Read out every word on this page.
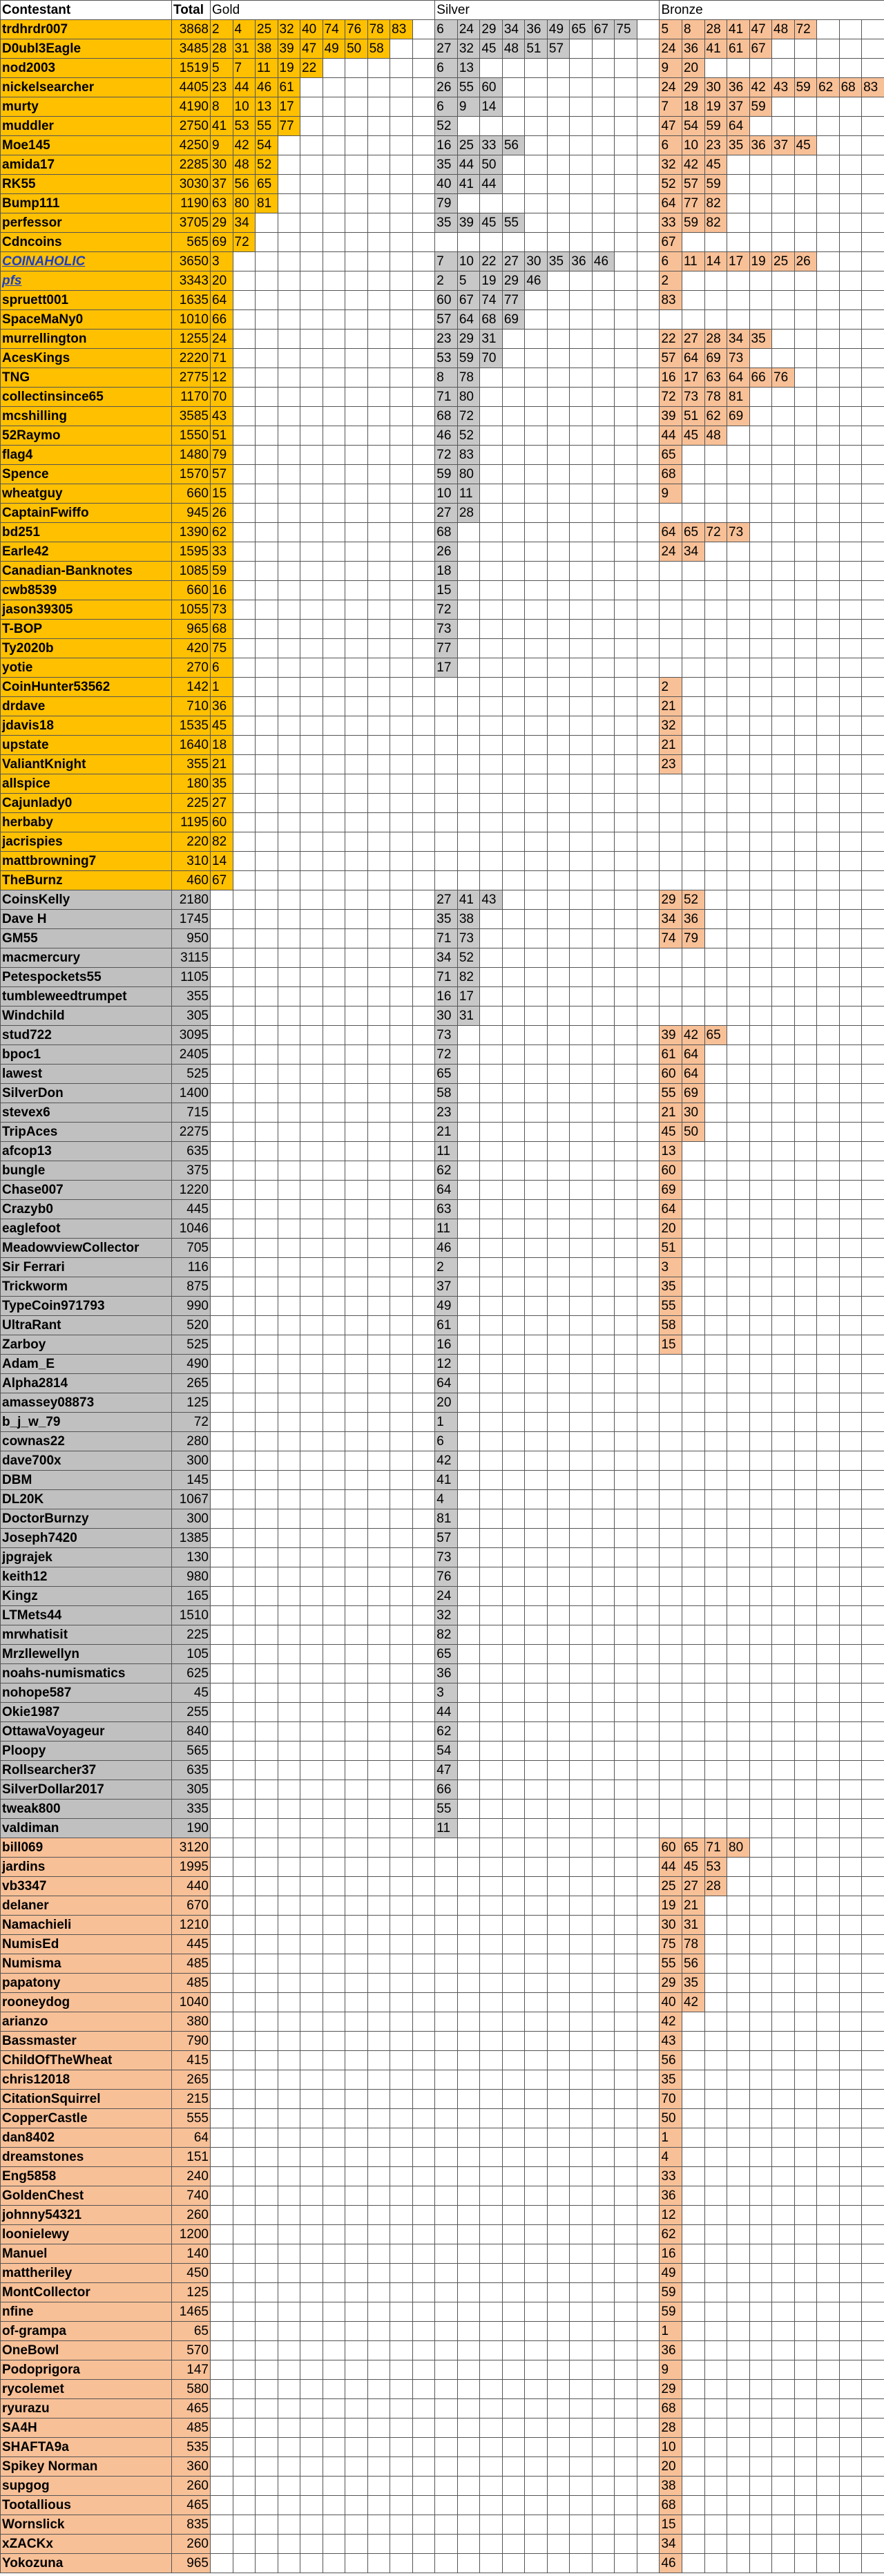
Contestant	Total	Gold										Silver										Bronze									
trdhrdr007	3868	2	4	25	32	40	74	76	78	83		6	24	29	34	36	49	65	67	75		5	8	28	41	47	48	72			
D0ubl3Eagle	3485	28	31	38	39	47	49	50	58			27	32	45	48	51	57					24	36	41	61	67					
nod2003	1519	5	7	11	19	22						6	13									9	20								
nickelsearcher	4405	23	44	46	61							26	55	60								24	29	30	36	42	43	59	62	68	83
murty	4190	8	10	13	17							6	9	14								7	18	19	37	59					
muddler	2750	41	53	55	77							52										47	54	59	64						
Moe145	4250	9	42	54								16	25	33	56							6	10	23	35	36	37	45			
amida17	2285	30	48	52								35	44	50								32	42	45							
RK55	3030	37	56	65								40	41	44								52	57	59							
Bump111	1190	63	80	81								79										64	77	82							
perfessor	3705	29	34									35	39	45	55							33	59	82							
Cdncoins	565	69	72																			67									
COINAHOLIC	3650	3										7	10	22	27	30	35	36	46			6	11	14	17	19	25	26			
pfs	3343	20										2	5	19	29	46						2									
spruett001	1635	64										60	67	74	77							83									
SpaceMaNy0	1010	66										57	64	68	69																
murrellington	1255	24										23	29	31								22	27	28	34	35					
AcesKings	2220	71										53	59	70								57	64	69	73						
TNG	2775	12										8	78									16	17	63	64	66	76				
collectinsince65	1170	70										71	80									72	73	78	81						
mcshilling	3585	43										68	72									39	51	62	69						
52Raymo	1550	51										46	52									44	45	48							
flag4	1480	79										72	83									65									
Spence	1570	57										59	80									68									
wheatguy	660	15										10	11									9									
CaptainFwiffo	945	26										27	28																		
bd251	1390	62										68										64	65	72	73						
Earle42	1595	33										26										24	34								
Canadian-Banknotes	1085	59										18																			
cwb8539	660	16										15																			
jason39305	1055	73										72																			
T-BOP	965	68										73																			
Ty2020b	420	75										77																			
yotie	270	6										17																			
CoinHunter53562	142	1																				2									
drdave	710	36																				21									
jdavis18	1535	45																				32									
upstate	1640	18																				21									
ValiantKnight	355	21																				23									
allspice	180	35																													
Cajunlady0	225	27																													
herbaby	1195	60																													
jacrispies	220	82																													
mattbrowning7	310	14																													
TheBurnz	460	67																													
CoinsKelly	2180											27	41	43								29	52								
Dave H	1745											35	38									34	36								
GM55	950											71	73									74	79								
macmercury	3115											34	52																		
Petespockets55	1105											71	82																		
tumbleweedtrumpet	355											16	17																		
Windchild	305											30	31																		
stud722	3095											73										39	42	65							
bpoc1	2405											72										61	64								
lawest	525											65										60	64								
SilverDon	1400											58										55	69								
stevex6	715											23										21	30								
TripAces	2275											21										45	50								
afcop13	635											11										13									
bungle	375											62										60									
Chase007	1220											64										69									
Crazyb0	445											63										64									
eaglefoot	1046											11										20									
MeadowviewCollector	705											46										51									
Sir Ferrari	116											2										3									
Trickworm	875											37										35									
TypeCoin971793	990											49										55									
UltraRant	520											61										58									
Zarboy	525											16										15									
Adam_E	490											12																			
Alpha2814	265											64																			
amassey08873	125											20																			
b_j_w_79	72											1																			
cownas22	280											6																			
dave700x	300											42																			
DBM	145											41																			
DL20K	1067											4																			
DoctorBurnzy	300											81																			
Joseph7420	1385											57																			
jpgrajek	130											73																			
keith12	980											76																			
Kingz	165											24																			
LTMets44	1510											32																			
mrwhatisit	225											82																			
Mrzllewellyn	105											65																			
noahs-numismatics	625											36																			
nohope587	45											3																			
Okie1987	255											44																			
OttawaVoyageur	840											62																			
Ploopy	565											54																			
Rollsearcher37	635											47																			
SilverDollar2017	305											66																			
tweak800	335											55																			
valdiman	190											11																			
bill069	3120																					60	65	71	80						
jardins	1995																					44	45	53							
vb3347	440																					25	27	28							
delaner	670																					19	21								
Namachieli	1210																					30	31								
NumisEd	445																					75	78								
Numisma	485																					55	56								
papatony	485																					29	35								
rooneydog	1040																					40	42								
arianzo	380																					42									
Bassmaster	790																					43									
ChildOfTheWheat	415																					56									
chris12018	265																					35									
CitationSquirrel	215																					70									
CopperCastle	555																					50									
dan8402	64																					1									
dreamstones	151																					4									
Eng5858	240																					33									
GoldenChest	740																					36									
johnny54321	260																					12									
loonielewy	1200																					62									
Manuel	140																					16									
mattheriley	450																					49									
MontCollector	125																					59									
nfine	1465																					59									
of-grampa	65																					1									
OneBowl	570																					36									
Podoprigora	147																					9									
rycolemet	580																					29									
ryurazu	465																					68									
SA4H	485																					28									
SHAFTA9a	535																					10									
Spikey Norman	360																					20									
supgog	260																					38									
Tootallious	465																					68									
Wornslick	835																					15									
xZACKx	260																					34									
Yokozuna	965																					46									
